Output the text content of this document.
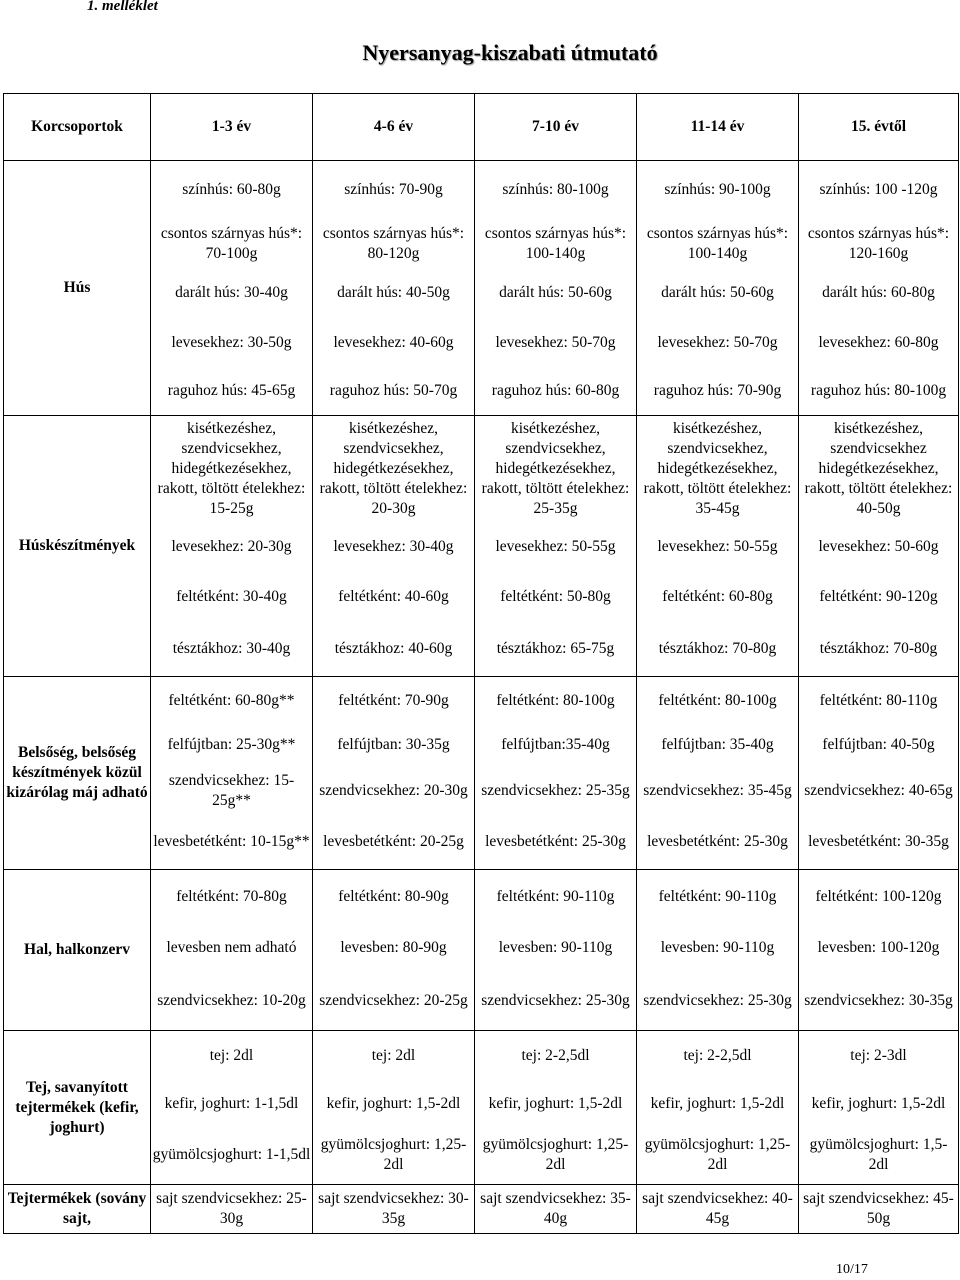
1. melléklet
Nyersanyag-kiszabati útmutató
Korcsoportok	1-3 év	4-6 év	7-10 év	11-14 év	15. évtől
Hús	színhús: 60-80g	színhús: 70-90g	színhús: 80-100g	színhús: 90-100g	színhús: 100 -120g
	csontos szárnyas hús*: 70-100g	csontos szárnyas hús*: 80-120g	csontos szárnyas hús*: 100-140g	csontos szárnyas hús*: 100-140g	csontos szárnyas hús*: 120-160g
	darált hús: 30-40g	darált hús: 40-50g	darált hús: 50-60g	darált hús: 50-60g	darált hús: 60-80g
	levesekhez: 30-50g	levesekhez: 40-60g	levesekhez: 50-70g	levesekhez: 50-70g	levesekhez: 60-80g
	raguhoz hús: 45-65g	raguhoz hús: 50-70g	raguhoz hús: 60-80g	raguhoz hús: 70-90g	raguhoz hús: 80-100g
Húskészítmények	kisétkezéshez, szendvicsekhez, hidegétkezésekhez, rakott, töltött ételekhez: 15-25g	kisétkezéshez, szendvicsekhez, hidegétkezésekhez, rakott, töltött ételekhez: 20-30g	kisétkezéshez, szendvicsekhez, hidegétkezésekhez, rakott, töltött ételekhez: 25-35g	kisétkezéshez, szendvicsekhez, hidegétkezésekhez, rakott, töltött ételekhez: 35-45g	kisétkezéshez, szendvicsekhez hidegétkezésekhez, rakott, töltött ételekhez: 40-50g
	levesekhez: 20-30g	levesekhez: 30-40g	levesekhez: 50-55g	levesekhez: 50-55g	levesekhez: 50-60g
	feltétként: 30-40g	feltétként: 40-60g	feltétként: 50-80g	feltétként: 60-80g	feltétként: 90-120g
	tésztákhoz: 30-40g	tésztákhoz: 40-60g	tésztákhoz: 65-75g	tésztákhoz: 70-80g	tésztákhoz: 70-80g
Belsőség, belsőség készítmények közül kizárólag máj adható	feltétként: 60-80g**	feltétként: 70-90g	feltétként: 80-100g	feltétként: 80-100g	feltétként: 80-110g
	felfújtban: 25-30g**	felfújtban: 30-35g	felfújtban:35-40g	felfújtban: 35-40g	felfújtban: 40-50g
	szendvicsekhez: 15-25g**	szendvicsekhez: 20-30g	szendvicsekhez: 25-35g	szendvicsekhez: 35-45g	szendvicsekhez: 40-65g
	levesbetétként: 10-15g**	levesbetétként: 20-25g	levesbetétként: 25-30g	levesbetétként: 25-30g	levesbetétként: 30-35g
Hal, halkonzerv	feltétként: 70-80g	feltétként: 80-90g	feltétként: 90-110g	feltétként: 90-110g	feltétként: 100-120g
	levesben nem adható	levesben: 80-90g	levesben: 90-110g	levesben: 90-110g	levesben: 100-120g
	szendvicsekhez: 10-20g	szendvicsekhez: 20-25g	szendvicsekhez: 25-30g	szendvicsekhez: 25-30g	szendvicsekhez: 30-35g
Tej, savanyított tejtermékek (kefir, joghurt)	tej: 2dl	tej: 2dl	tej: 2-2,5dl	tej: 2-2,5dl	tej: 2-3dl
	kefir, joghurt: 1-1,5dl	kefir, joghurt: 1,5-2dl	kefir, joghurt: 1,5-2dl	kefir, joghurt: 1,5-2dl	kefir, joghurt: 1,5-2dl
	gyümölcsjoghurt: 1-1,5dl	gyümölcsjoghurt: 1,25-2dl	gyümölcsjoghurt: 1,25-2dl	gyümölcsjoghurt: 1,25-2dl	gyümölcsjoghurt: 1,5-2dl
Tejtermékek (sovány sajt,	sajt szendvicsekhez: 25-30g	sajt szendvicsekhez: 30-35g	sajt szendvicsekhez: 35-40g	sajt szendvicsekhez: 40-45g	sajt szendvicsekhez: 45-50g
10/17
